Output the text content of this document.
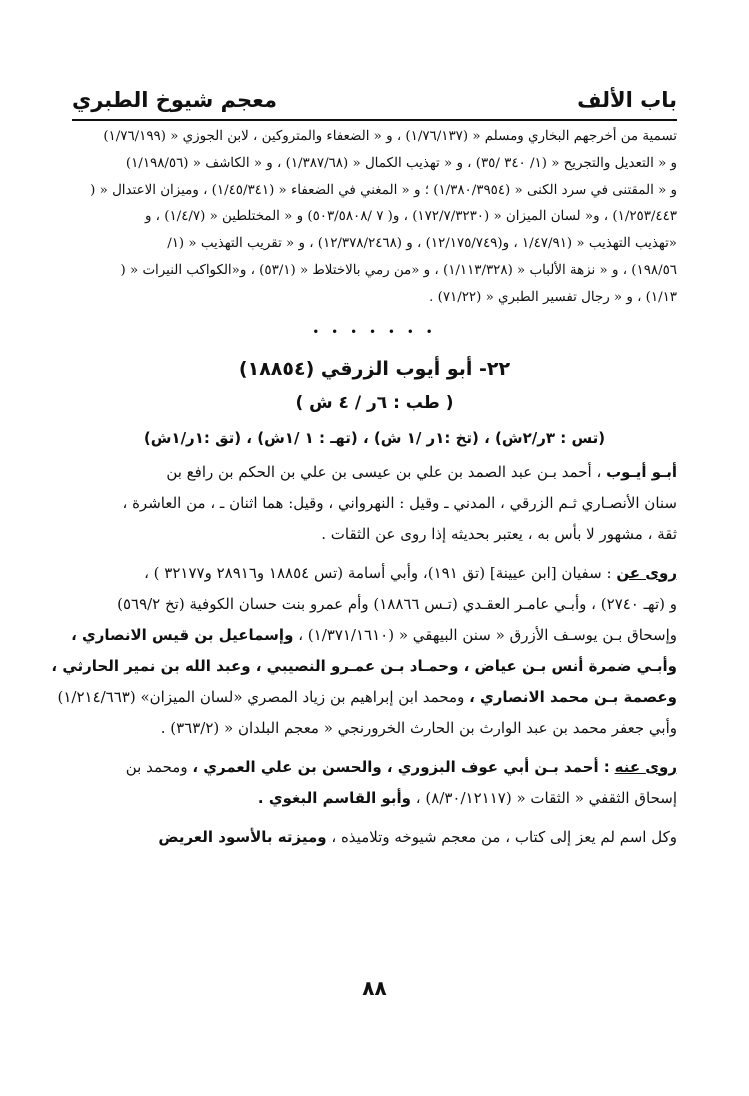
باب الألف
معجم شيوخ الطبري
تسمية من أخرجهم البخاري ومسلم « (١/٧٦/١٣٧) ، و « الضعفاء والمتروكين ، لابن الجوزي « (١/٧٦/١٩٩)
و « التعديل والتجريح « (١/ ٣٤٠ /٣٥) ، و « تهذيب الكمال « (١/٣٨٧/٦٨) ، و « الكاشف « (١/١٩٨/٥٦)
و « المقتنى في سرد الكنى « (١/٣٨٠/٣٩٥٤) ؛ و « المغني في الضعفاء « (١/٤٥/٣٤١) ، وميزان الاعتدال « (
١/٢٥٣/٤٤٣) ، و« لسان الميزان « (١٧٢/٧/٣٢٣٠) ، و( ٧ /٥٠٣/٥٨٠٨) و « المختلطين « (١/٤/٧) ، و
«تهذيب التهذيب « (١/٤٧/٩١ ، و(١٢/١٧٥/٧٤٩) ، و (١٢/٣٧٨/٢٤٦٨) ، و « تقريب التهذيب « (١/
١٩٨/٥٦) ، و « نزهة الألباب « (١/١١٣/٣٢٨) ، و «من رمي بالاختلاط « (٥٣/١) ، و«الكواكب النيرات « (
١/١٣) ، و « رجال تفسير الطبري « (٧١/٢٢) .
• • • • • • •
٢٢- أبو أيوب الزرقي (١٨٨٥٤)
( طب : ٦ر / ٤ ش )
(تس : ٣ر/٢ش) ، (تخ :١ر /١ ش) ، (تهـ : ١ /١ش) ، (تق :١ر/١ش)
أبـو أيـوب ، أحمد بـن عبد الصمد بن علي بن عيسى بن علي بن الحكم بن رافع بن
سنان الأنصـاري ثـم الزرقي ، المدني ـ وقيل : النهرواني ، وقيل: هما اثنان ـ ، من العاشرة ،
ثقة ، مشهور لا بأس به ، يعتبر بحديثه إذا روى عن الثقات .
روى عن : سفيان [ابن عيينة] (تق ١٩١)، وأبي أسامة (تس ١٨٨٥٤ و٢٨٩١٦ و٣٢١٧٧ ) ،
و (تهـ ٢٧٤٠) ، وأبـي عامـر العقـدي (تـس ١٨٨٦٦) وأم عمرو بنت حسان الكوفية (تخ ٥٦٩/٢)
وإسحاق بـن يوسـف الأزرق « سنن البيهقي « (١/٣٧١/١٦١٠) ، وإسماعيل بن قيس الانصاري ،
وأبـي ضمرة أنس بـن عياض ، وحمـاد بـن عمـرو النصيبي ، وعبد الله بن نمير الحارثي ،
وعصمة بـن محمد الانصاري ، ومحمد ابن إبراهيم بن زياد المصري «لسان الميزان» (١/٢١٤/٦٦٣)
وأبي جعفر محمد بن عبد الوارث بن الحارث الخرورنجي « معجم البلدان « (٣٦٣/٢) .
روى عنه : أحمد بـن أبي عوف البزوري ، والحسن بن علي العمري ، ومحمد بن
إسحاق الثقفي « الثقات « (٨/٣٠/١٢١١٧) ، وأبو القاسم البغوي .
وكل اسم لم يعز إلى كتاب ، من معجم شيوخه وتلاميذه ، وميزته بالأسود العريض
٨٨
